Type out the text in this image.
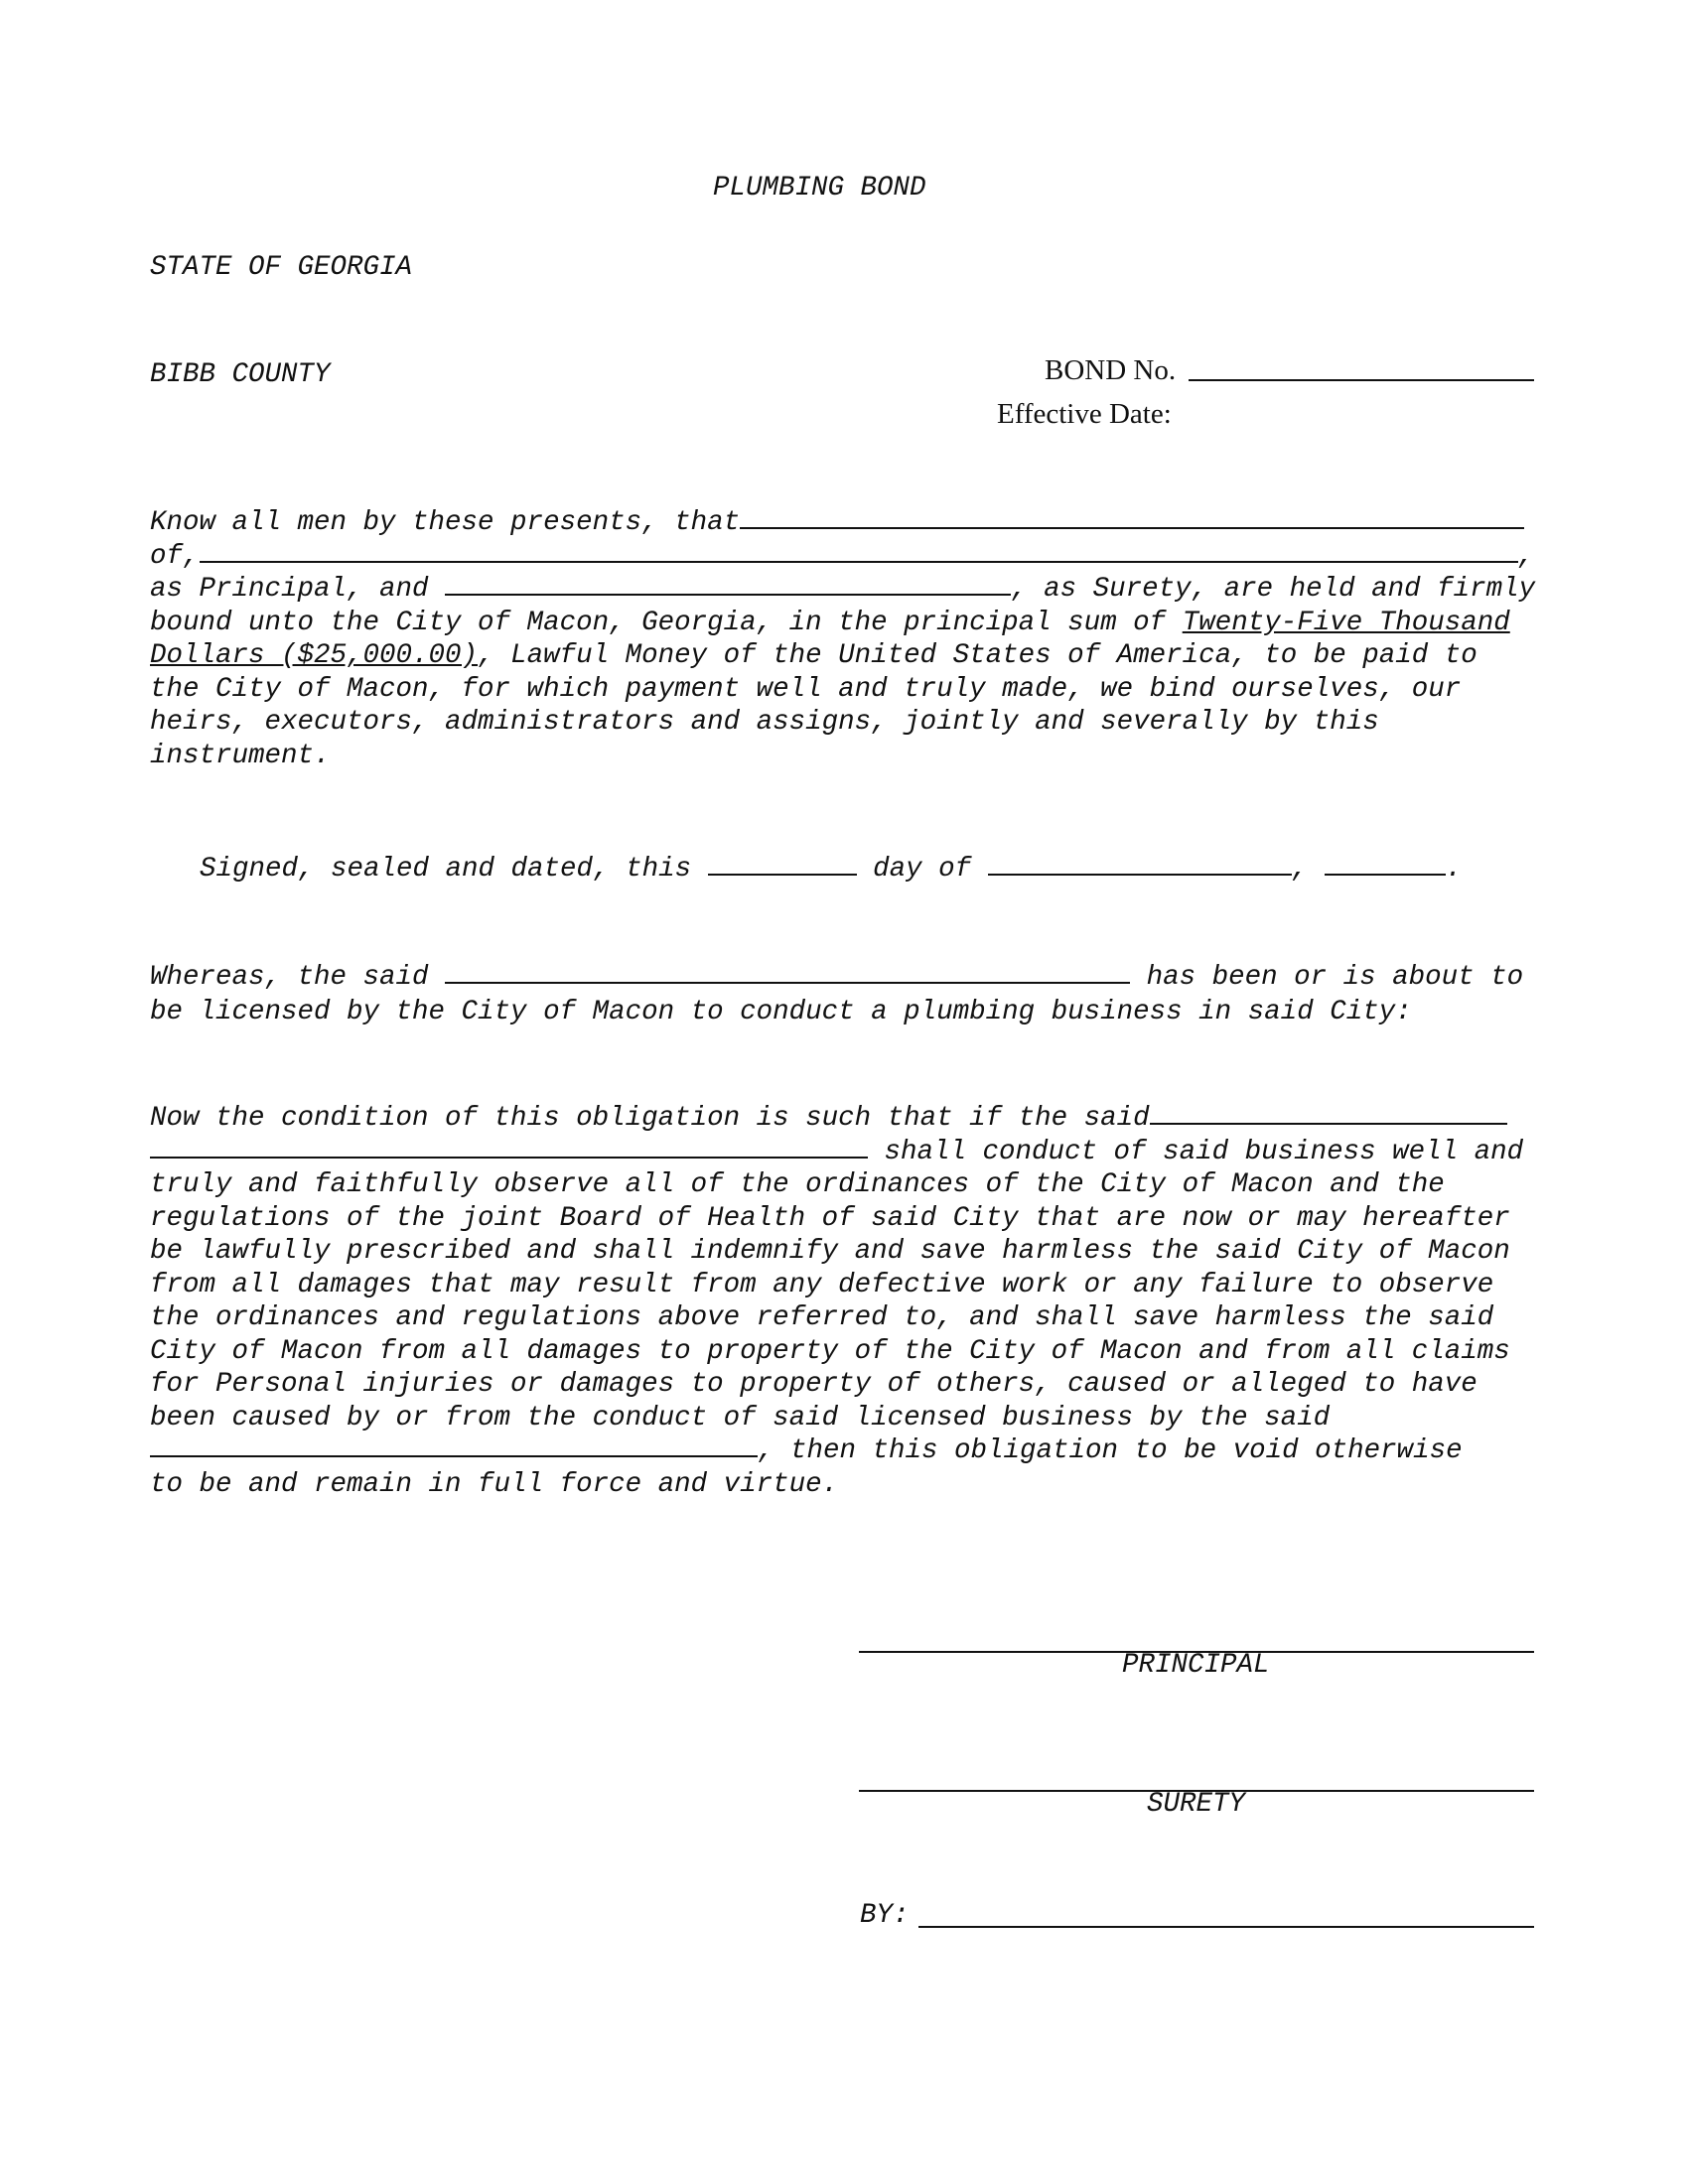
PLUMBING BOND
STATE OF GEORGIA
BIBB COUNTY	BOND No.
Effective Date:
Know all men by these presents, that
of,	,
as Principal, and	, as Surety, are held and firmly
bound unto the City of Macon, Georgia, in the principal sum of Twenty-Five Thousand
Dollars ($25,000.00), Lawful Money of the United States of America, to be paid to
the City of Macon, for which payment well and truly made, we bind ourselves, our
heirs, executors, administrators and assigns, jointly and severally by this
instrument.
Signed, sealed and dated, this	day of	,	.
Whereas, the said	has been or is about to
be licensed by the City of Macon to conduct a plumbing business in said City:
Now the condition of this obligation is such that if the said
shall conduct of said business well and
truly and faithfully observe all of the ordinances of the City of Macon and the
regulations of the joint Board of Health of said City that are now or may hereafter
be lawfully prescribed and shall indemnify and save harmless the said City of Macon
from all damages that may result from any defective work or any failure to observe
the ordinances and regulations above referred to, and shall save harmless the said
City of Macon from all damages to property of the City of Macon and from all claims
for Personal injuries or damages to property of others, caused or alleged to have
been caused by or from the conduct of said licensed business by the said
, then this obligation to be void otherwise
to be and remain in full force and virtue.
PRINCIPAL
SURETY
BY:
